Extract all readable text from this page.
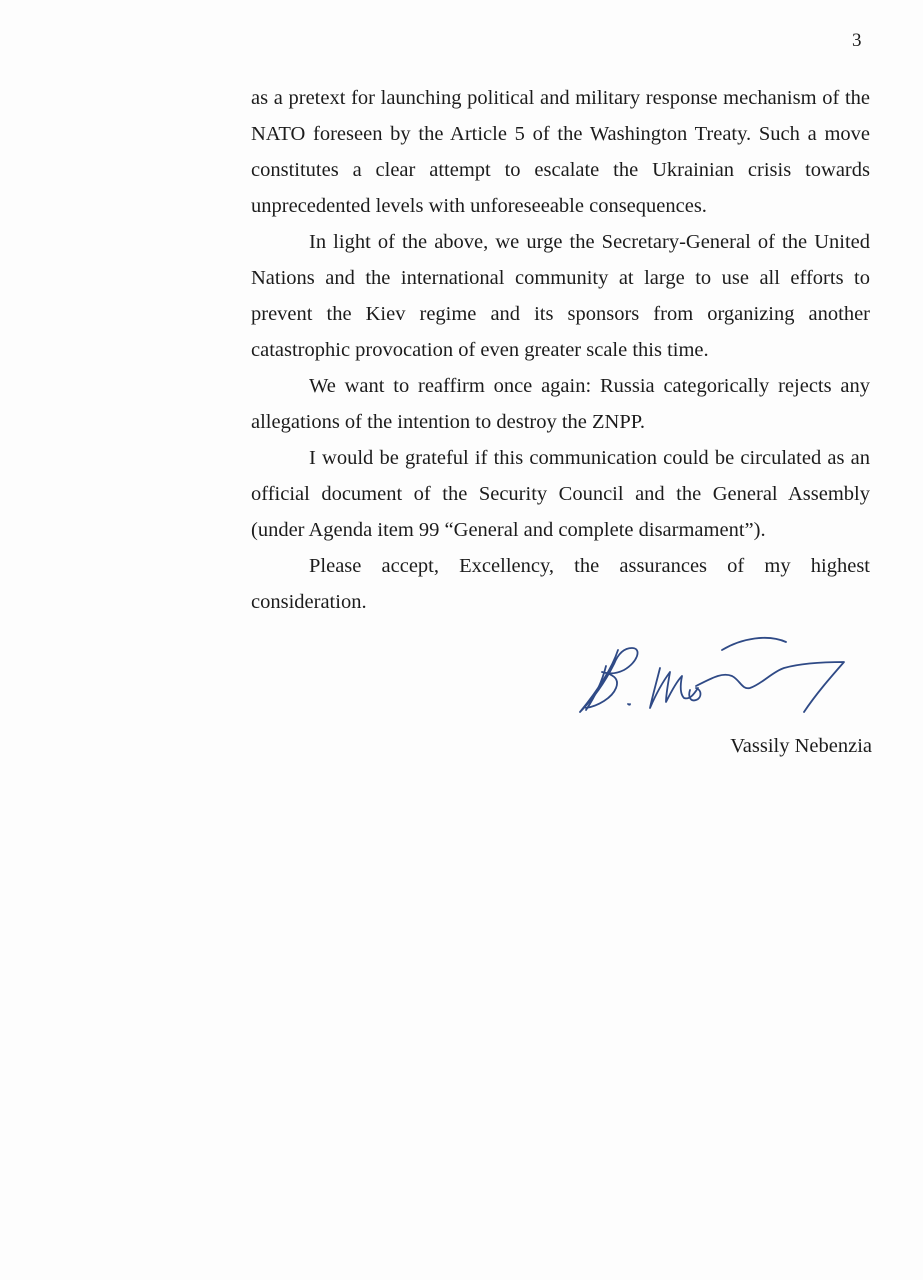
3

as a pretext for launching political and military response mechanism of the NATO foreseen by the Article 5 of the Washington Treaty. Such a move constitutes a clear attempt to escalate the Ukrainian crisis towards unprecedented levels with unforeseeable consequences.

In light of the above, we urge the Secretary-General of the United Nations and the international community at large to use all efforts to prevent the Kiev regime and its sponsors from organizing another catastrophic provocation of even greater scale this time.

We want to reaffirm once again: Russia categorically rejects any allegations of the intention to destroy the ZNPP.

I would be grateful if this communication could be circulated as an official document of the Security Council and the General Assembly (under Agenda item 99 “General and complete disarmament”).

Please accept, Excellency, the assurances of my highest consideration.

Vassily Nebenzia
